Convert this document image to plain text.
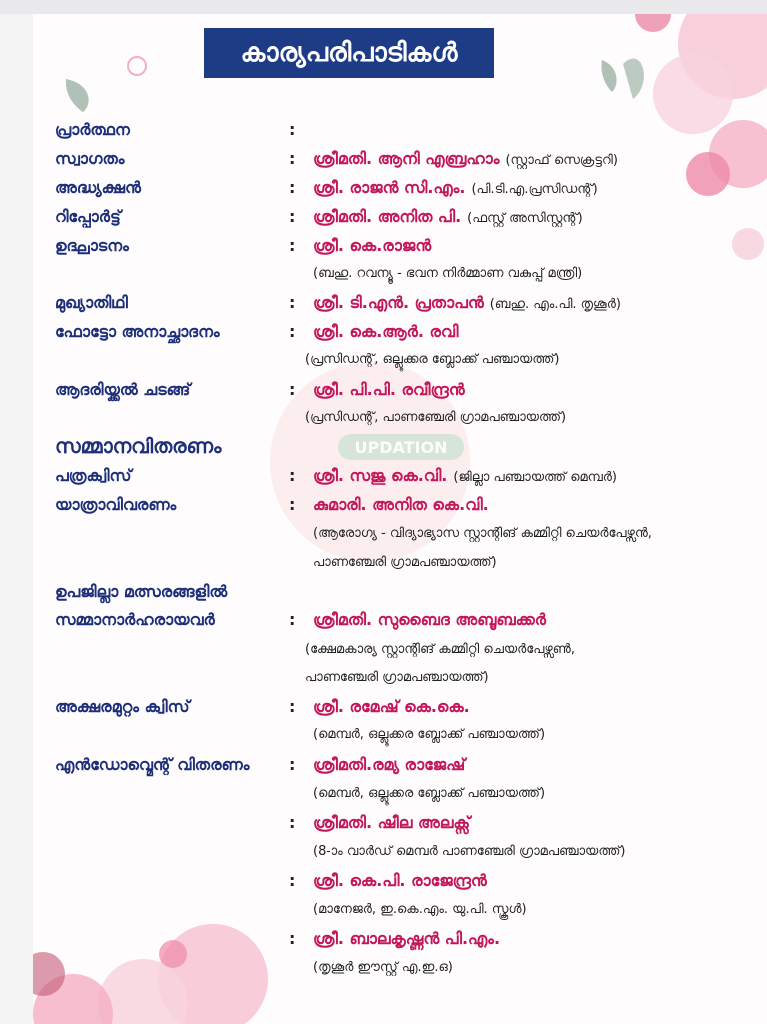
UPDATION
കാര്യപരിപാടികൾ
പ്രാർത്ഥന	:
സ്വാഗതം	: ശ്രീമതി. ആനി എബ്രഹാം (സ്റ്റാഫ് സെക്രട്ടറി)
അദ്ധ്യക്ഷൻ	: ശ്രീ. രാജൻ സി.എം. (പി.ടി.എ.പ്രസിഡന്റ്)
റിപ്പോർട്ട്	: ശ്രീമതി. അനിത പി. (ഫസ്റ്റ് അസിസ്റ്റന്റ്)
ഉദ്ഘാടനം	: ശ്രീ. കെ.രാജൻ
(ബഹു. റവന്യൂ - ഭവന നിർമ്മാണ വകുപ്പ് മന്ത്രി)
മുഖ്യാതിഥി	: ശ്രീ. ടി.എൻ. പ്രതാപൻ (ബഹു. എം.പി. തൃശൂർ)
ഫോട്ടോ അനാച്ഛാദനം	: ശ്രീ. കെ.ആർ. രവി
(പ്രസിഡന്റ്, ഒല്ലൂക്കര ബ്ലോക്ക് പഞ്ചായത്ത്)
ആദരിയ്ക്കൽ ചടങ്ങ്	: ശ്രീ. പി.പി. രവീന്ദ്രൻ
(പ്രസിഡന്റ്, പാണഞ്ചേരി ഗ്രാമപഞ്ചായത്ത്)
സമ്മാനവിതരണം
പത്രക്വിസ്	: ശ്രീ. സജു കെ.വി. (ജില്ലാ പഞ്ചായത്ത് മെമ്പർ)
യാത്രാവിവരണം	: കുമാരി. അനിത കെ.വി.
(ആരോഗ്യ - വിദ്യാഭ്യാസ സ്റ്റാന്റിങ് കമ്മിറ്റി ചെയർപേഴ്സൻ,
പാണഞ്ചേരി ഗ്രാമപഞ്ചായത്ത്)
ഉപജില്ലാ മത്സരങ്ങളിൽ
സമ്മാനാർഹരായവർ	: ശ്രീമതി. സുബൈദ അബൂബക്കർ
(ക്ഷേമകാര്യ സ്റ്റാന്റിങ് കമ്മിറ്റി ചെയർപേഴ്സൺ,
പാണഞ്ചേരി ഗ്രാമപഞ്ചായത്ത്)
അക്ഷരമുറ്റം ക്വിസ്	: ശ്രീ. രമേഷ് കെ.കെ.
(മെമ്പർ, ഒല്ലൂക്കര ബ്ലോക്ക് പഞ്ചായത്ത്)
എൻഡോവ്മെന്റ് വിതരണം : ശ്രീമതി.രമ്യ രാജേഷ്
(മെമ്പർ, ഒല്ലൂക്കര ബ്ലോക്ക് പഞ്ചായത്ത്)
: ശ്രീമതി. ഷീല അലക്സ്
(8-ാം വാർഡ് മെമ്പർ പാണഞ്ചേരി ഗ്രാമപഞ്ചായത്ത്)
: ശ്രീ. കെ.പി. രാജേന്ദ്രൻ
(മാനേജർ, ഇ.കെ.എം. യു.പി. സ്കൂൾ)
: ശ്രീ. ബാലകൃഷ്ണൻ പി.എം.
(തൃശൂർ ഈസ്റ്റ് എ.ഇ.ഒ)
